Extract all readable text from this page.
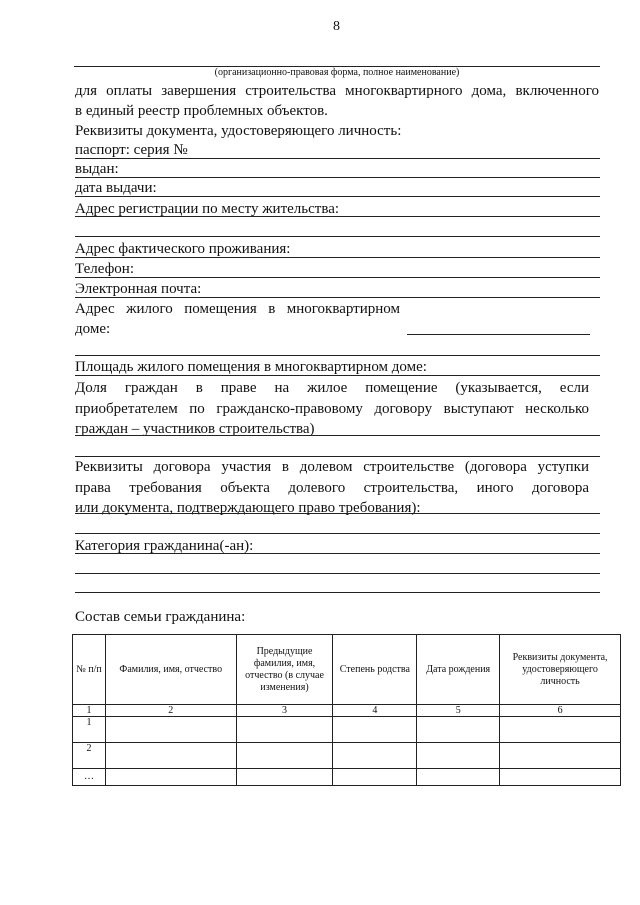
8
(организационно-правовая форма, полное наименование)
для оплаты завершения строительства многоквартирного дома, включенного
в единый реестр проблемных объектов.
Реквизиты документа, удостоверяющего личность:
паспорт: серия №
выдан:
дата выдачи:
Адрес регистрации по месту жительства:
Адрес фактического проживания:
Телефон:
Электронная почта:
Адрес жилого помещения в многоквартирном
доме:
Площадь жилого помещения в многоквартирном доме:
Доля граждан в праве на жилое помещение (указывается, если
приобретателем по гражданско-правовому договору выступают несколько
граждан – участников строительства)
Реквизиты договора участия в долевом строительстве (договора уступки
права требования объекта долевого строительства, иного договора
или документа, подтверждающего право требования):
Категория гражданина(-ан):
Состав семьи гражданина:
№ п/п	Фамилия, имя, отчество	Предыдущие фамилия, имя, отчество (в случае изменения)	Степень родства	Дата рождения	Реквизиты документа, удостоверяющего личность
1	2	3	4	5	6
1					
2					
…					
